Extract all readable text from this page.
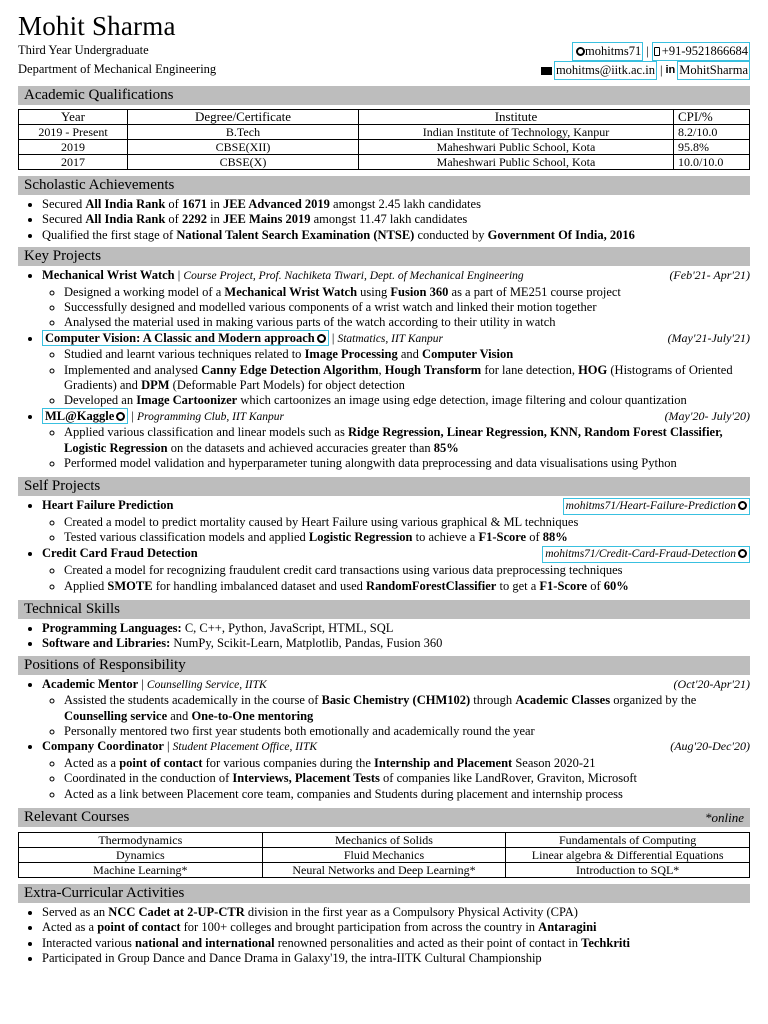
Mohit Sharma
Third Year Undergraduate	mohitms71 |	+91-9521866684
Department of Mechanical Engineering	mohitms@iitk.ac.in | in MohitSharma
Academic Qualifications
Year	Degree/Certificate	Institute	CPI/%
2019 - Present	B.Tech	Indian Institute of Technology, Kanpur	8.2/10.0
2019	CBSE(XII)	Maheshwari Public School, Kota	95.8%
2017	CBSE(X)	Maheshwari Public School, Kota	10.0/10.0
Scholastic Achievements
• Secured All India Rank of 1671 in JEE Advanced 2019 amongst 2.45 lakh candidates
• Secured All India Rank of 2292 in JEE Mains 2019 amongst 11.47 lakh candidates
• Qualified the first stage of National Talent Search Examination (NTSE) conducted by Government Of India, 2016
Key Projects
• Mechanical Wrist Watch | Course Project, Prof. Nachiketa Tiwari, Dept. of Mechanical Engineering	(Feb'21- Apr'21)
◦ Designed a working model of a Mechanical Wrist Watch using Fusion 360 as a part of ME251 course project
◦ Successfully designed and modelled various components of a wrist watch and linked their motion together
◦ Analysed the material used in making various parts of the watch according to their utility in watch
• Computer Vision: A Classic and Modern approach | Statmatics, IIT Kanpur	(May'21-July'21)
◦ Studied and learnt various techniques related to Image Processing and Computer Vision
◦ Implemented and analysed Canny Edge Detection Algorithm, Hough Transform for lane detection, HOG (Histograms of Oriented Gradients) and DPM (Deformable Part Models) for object detection
◦ Developed an Image Cartoonizer which cartoonizes an image using edge detection, image filtering and colour quantization
• ML@Kaggle | Programming Club, IIT Kanpur	(May'20- July'20)
◦ Applied various classification and linear models such as Ridge Regression, Linear Regression, KNN, Random Forest Classifier, Logistic Regression on the datasets and achieved accuracies greater than 85%
◦ Performed model validation and hyperparameter tuning alongwith data preprocessing and data visualisations using Python
Self Projects
• Heart Failure Prediction	mohitms71/Heart-Failure-Prediction
◦ Created a model to predict mortality caused by Heart Failure using various graphical & ML techniques
◦ Tested various classification models and applied Logistic Regression to achieve a F1-Score of 88%
• Credit Card Fraud Detection	mohitms71/Credit-Card-Fraud-Detection
◦ Created a model for recognizing fraudulent credit card transactions using various data preprocessing techniques
◦ Applied SMOTE for handling imbalanced dataset and used RandomForestClassifier to get a F1-Score of 60%
Technical Skills
• Programming Languages: C, C++, Python, JavaScript, HTML, SQL
• Software and Libraries: NumPy, Scikit-Learn, Matplotlib, Pandas, Fusion 360
Positions of Responsibility
• Academic Mentor | Counselling Service, IITK	(Oct'20-Apr'21)
◦ Assisted the students academically in the course of Basic Chemistry (CHM102) through Academic Classes organized by the Counselling service and One-to-One mentoring
◦ Personally mentored two first year students both emotionally and academically round the year
• Company Coordinator | Student Placement Office, IITK	(Aug'20-Dec'20)
◦ Acted as a point of contact for various companies during the Internship and Placement Season 2020-21
◦ Coordinated in the conduction of Interviews, Placement Tests of companies like LandRover, Graviton, Microsoft
◦ Acted as a link between Placement core team, companies and Students during placement and internship process
Relevant Courses	*online
Thermodynamics	Mechanics of Solids	Fundamentals of Computing
Dynamics	Fluid Mechanics	Linear algebra & Differential Equations
Machine Learning*	Neural Networks and Deep Learning*	Introduction to SQL*
Extra-Curricular Activities
• Served as an NCC Cadet at 2-UP-CTR division in the first year as a Compulsory Physical Activity (CPA)
• Acted as a point of contact for 100+ colleges and brought participation from across the country in Antaragini
• Interacted various national and international renowned personalities and acted as their point of contact in Techkriti
• Participated in Group Dance and Dance Drama in Galaxy'19, the intra-IITK Cultural Championship
